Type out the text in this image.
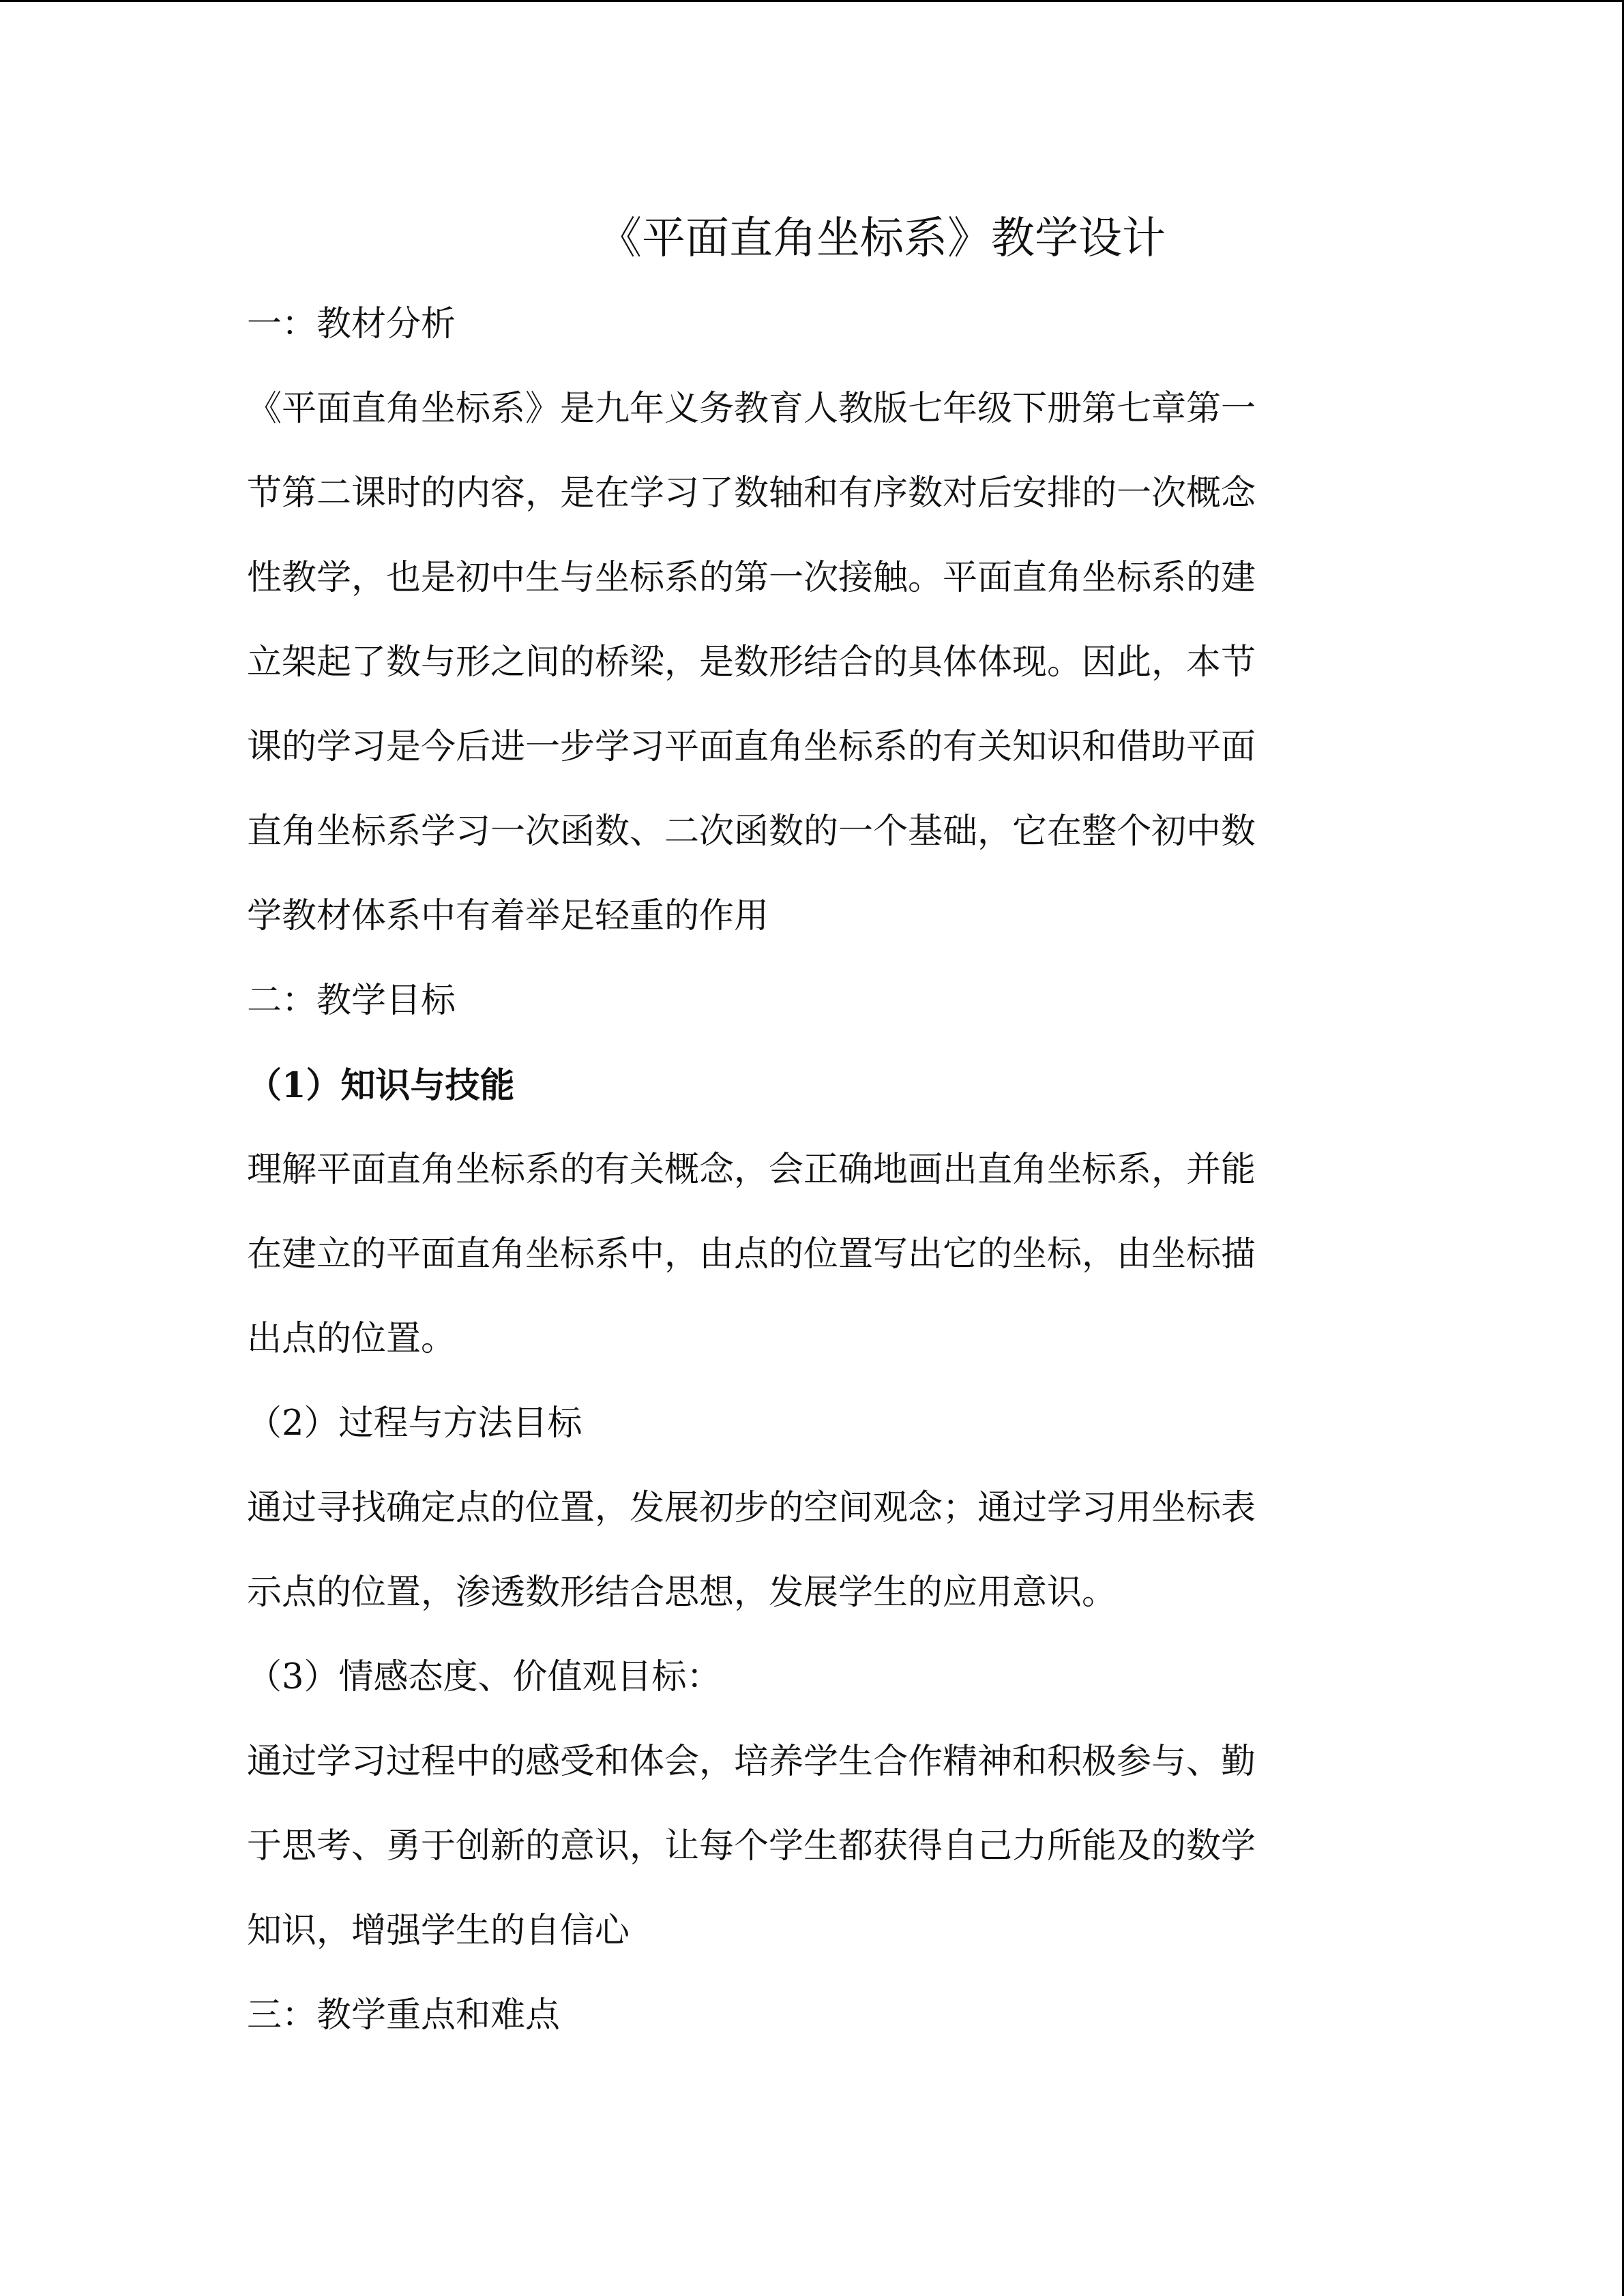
《平面直角坐标系》教学设计
一：教材分析
《平面直角坐标系》是九年义务教育人教版七年级下册第七章第一
节第二课时的内容，是在学习了数轴和有序数对后安排的一次概念
性教学，也是初中生与坐标系的第一次接触。平面直角坐标系的建
立架起了数与形之间的桥梁，是数形结合的具体体现。因此，本节
课的学习是今后进一步学习平面直角坐标系的有关知识和借助平面
直角坐标系学习一次函数、二次函数的一个基础，它在整个初中数
学教材体系中有着举足轻重的作用
二：教学目标
（1）知识与技能
理解平面直角坐标系的有关概念，会正确地画出直角坐标系，并能
在建立的平面直角坐标系中，由点的位置写出它的坐标，由坐标描
出点的位置。
（2）过程与方法目标
通过寻找确定点的位置，发展初步的空间观念；通过学习用坐标表
示点的位置，渗透数形结合思想，发展学生的应用意识。
（3）情感态度、价值观目标：
通过学习过程中的感受和体会，培养学生合作精神和积极参与、勤
于思考、勇于创新的意识，让每个学生都获得自己力所能及的数学
知识，增强学生的自信心
三：教学重点和难点
